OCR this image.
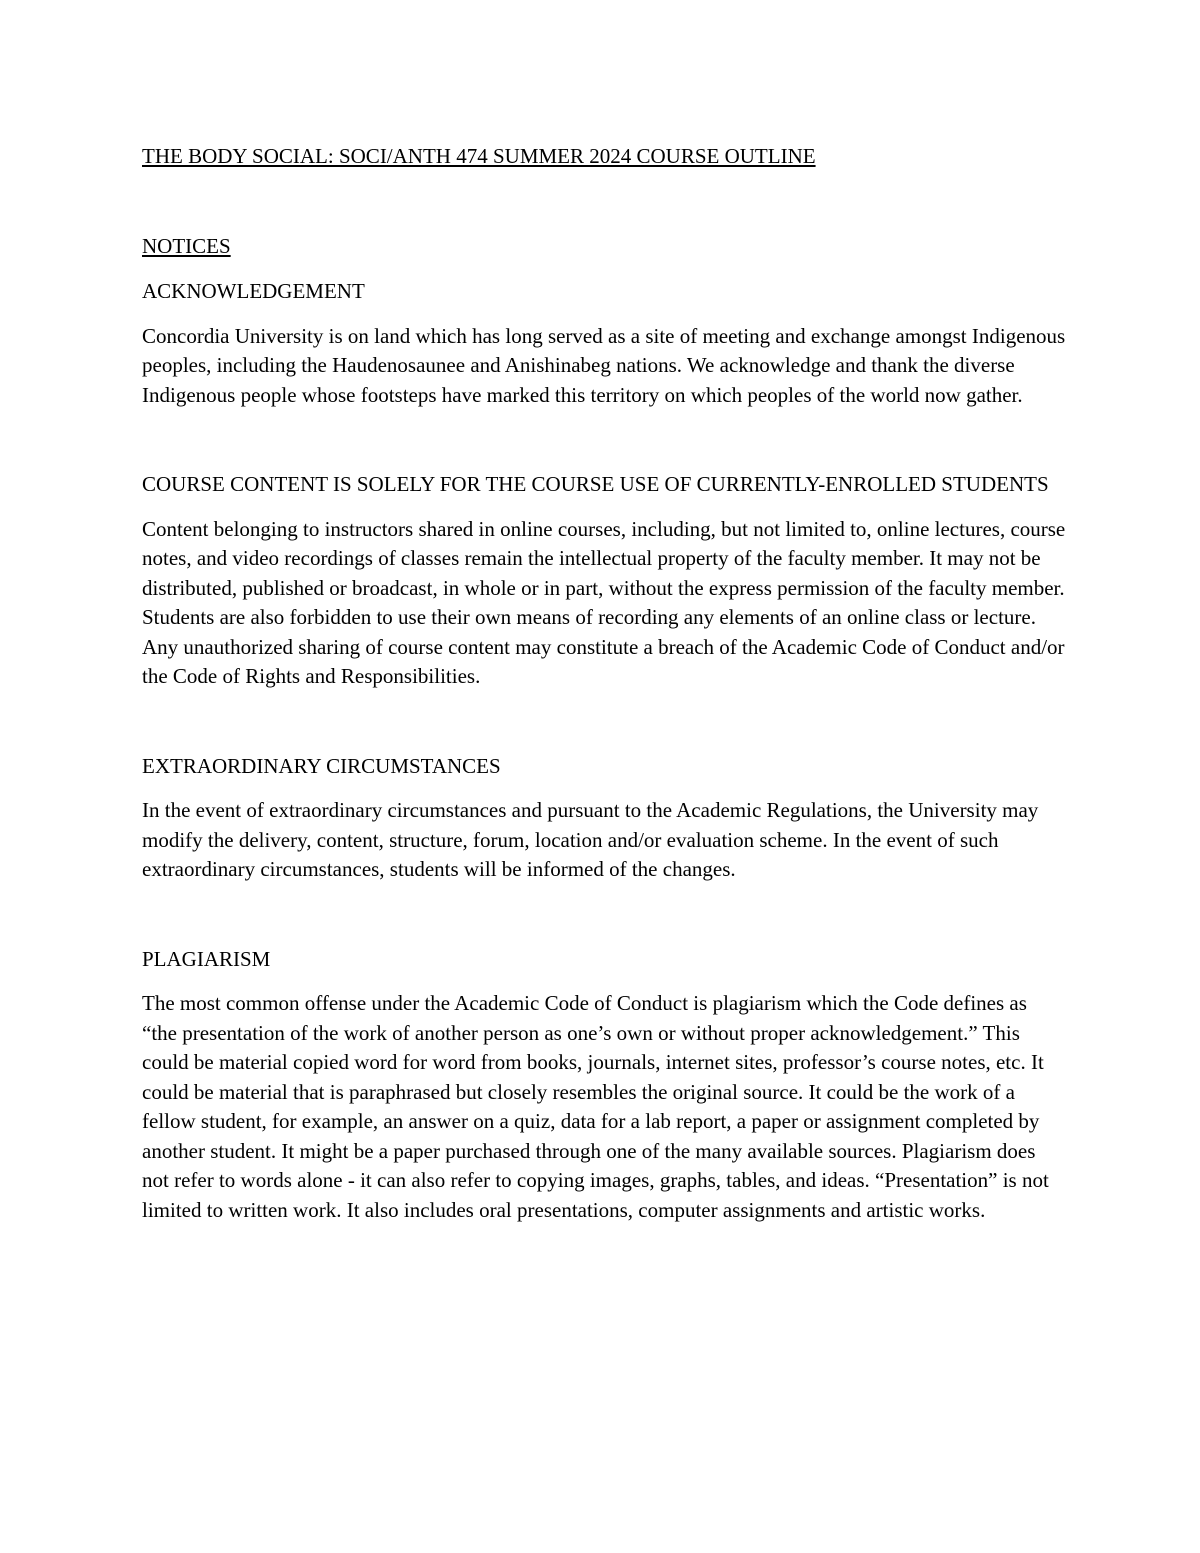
THE BODY SOCIAL: SOCI/ANTH 474 SUMMER 2024 COURSE OUTLINE
NOTICES
ACKNOWLEDGEMENT

Concordia University is on land which has long served as a site of meeting and exchange amongst Indigenous peoples, including the Haudenosaunee and Anishinabeg nations. We acknowledge and thank the diverse Indigenous people whose footsteps have marked this territory on which peoples of the world now gather.

COURSE CONTENT IS SOLELY FOR THE COURSE USE OF CURRENTLY-ENROLLED STUDENTS

Content belonging to instructors shared in online courses, including, but not limited to, online lectures, course notes, and video recordings of classes remain the intellectual property of the faculty member. It may not be distributed, published or broadcast, in whole or in part, without the express permission of the faculty member. Students are also forbidden to use their own means of recording any elements of an online class or lecture. Any unauthorized sharing of course content may constitute a breach of the Academic Code of Conduct and/or the Code of Rights and Responsibilities.

EXTRAORDINARY CIRCUMSTANCES

In the event of extraordinary circumstances and pursuant to the Academic Regulations, the University may modify the delivery, content, structure, forum, location and/or evaluation scheme. In the event of such extraordinary circumstances, students will be informed of the changes.

PLAGIARISM

The most common offense under the Academic Code of Conduct is plagiarism which the Code defines as “the presentation of the work of another person as one’s own or without proper acknowledgement.” This could be material copied word for word from books, journals, internet sites, professor’s course notes, etc. It could be material that is paraphrased but closely resembles the original source. It could be the work of a fellow student, for example, an answer on a quiz, data for a lab report, a paper or assignment completed by another student. It might be a paper purchased through one of the many available sources. Plagiarism does not refer to words alone - it can also refer to copying images, graphs, tables, and ideas. “Presentation” is not limited to written work. It also includes oral presentations, computer assignments and artistic works.
